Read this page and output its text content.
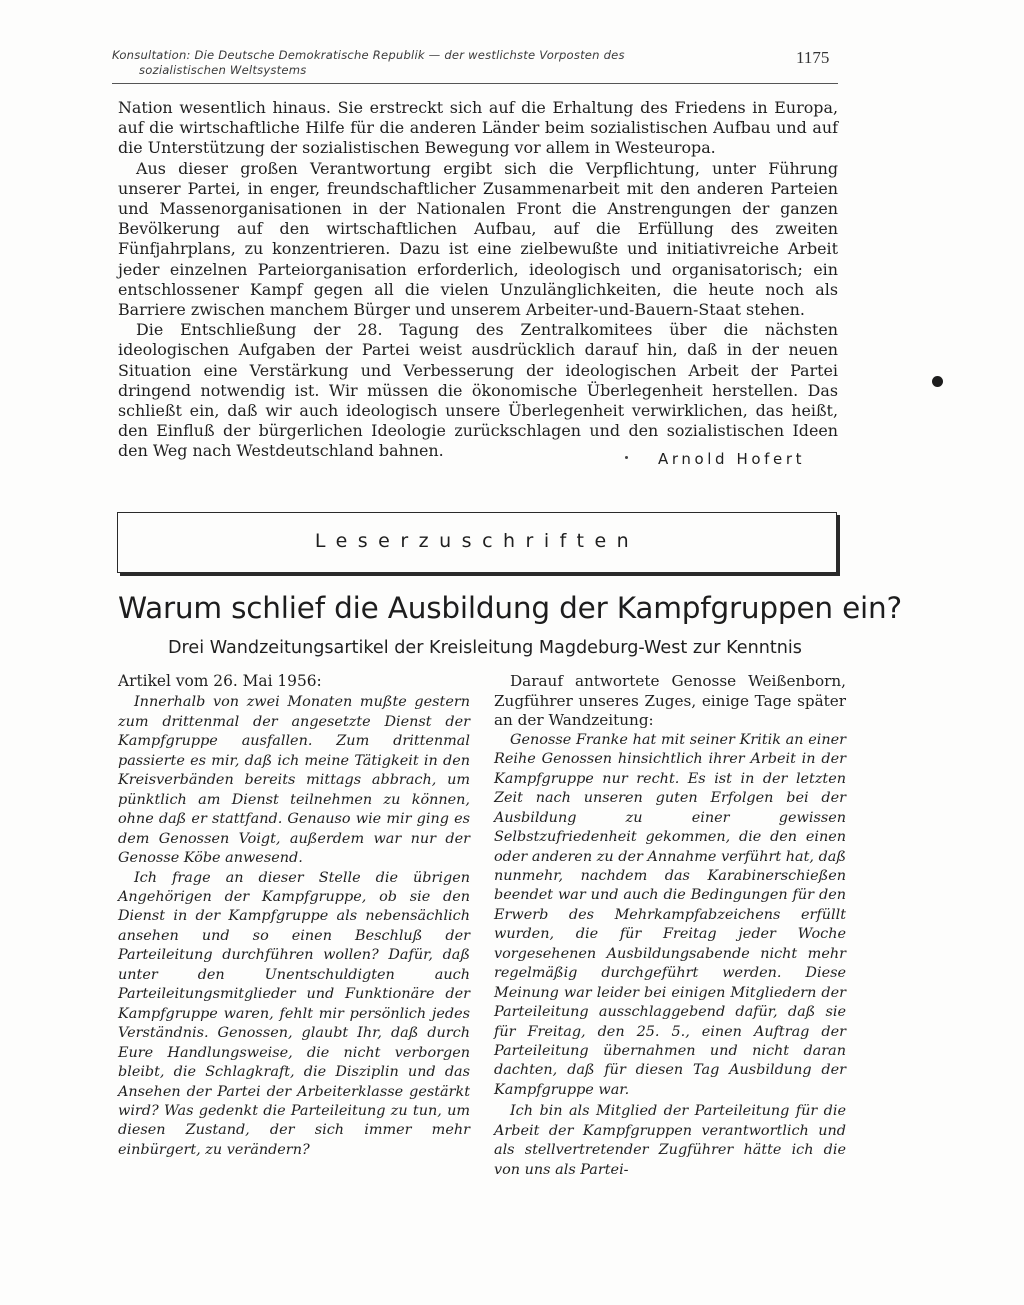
Konsultation: Die Deutsche Demokratische Republik — der westlichste Vorposten des
sozialistischen Weltsystems
1175

Nation wesentlich hinaus. Sie erstreckt sich auf die Erhaltung des Friedens in Europa, auf die wirtschaftliche Hilfe für die anderen Länder beim sozialistischen Aufbau und auf die Unterstützung der sozialistischen Bewegung vor allem in Westeuropa.

Aus dieser großen Verantwortung ergibt sich die Verpflichtung, unter Führung unserer Partei, in enger, freundschaftlicher Zusammenarbeit mit den anderen Parteien und Massenorganisationen in der Nationalen Front die Anstrengungen der ganzen Bevölkerung auf den wirtschaftlichen Aufbau, auf die Erfüllung des zweiten Fünfjahrplans, zu konzentrieren. Dazu ist eine zielbewußte und initiativreiche Arbeit jeder einzelnen Parteiorganisation erforderlich, ideologisch und organisatorisch; ein entschlossener Kampf gegen all die vielen Unzulänglichkeiten, die heute noch als Barriere zwischen manchem Bürger und unserem Arbeiter-und-Bauern-Staat stehen.

Die Entschließung der 28. Tagung des Zentralkomitees über die nächsten ideologischen Aufgaben der Partei weist ausdrücklich darauf hin, daß in der neuen Situation eine Verstärkung und Verbesserung der ideologischen Arbeit der Partei dringend notwendig ist. Wir müssen die ökonomische Überlegenheit herstellen. Das schließt ein, daß wir auch ideologisch unsere Überlegenheit verwirklichen, das heißt, den Einfluß der bürgerlichen Ideologie zurückschlagen und den sozialistischen Ideen den Weg nach Westdeutschland bahnen.	Arnold Hofert
Leserzuschriften
Warum schlief die Ausbildung der Kampfgruppen ein?
Drei Wandzeitungsartikel der Kreisleitung Magdeburg-West zur Kenntnis

Artikel vom 26. Mai 1956:

Innerhalb von zwei Monaten mußte gestern zum drittenmal der angesetzte Dienst der Kampfgruppe ausfallen. Zum drittenmal passierte es mir, daß ich meine Tätigkeit in den Kreisverbänden bereits mittags abbrach, um pünktlich am Dienst teilnehmen zu können, ohne daß er stattfand. Genauso wie mir ging es dem Genossen Voigt, außerdem war nur der Genosse Köbe anwesend.

Ich frage an dieser Stelle die übrigen Angehörigen der Kampfgruppe, ob sie den Dienst in der Kampfgruppe als nebensächlich ansehen und so einen Beschluß der Parteileitung durchführen wollen? Dafür, daß unter den Unentschuldigten auch Parteileitungsmitglieder und Funktionäre der Kampfgruppe waren, fehlt mir persönlich jedes Verständnis. Genossen, glaubt Ihr, daß durch Eure Handlungsweise, die nicht verborgen bleibt, die Schlagkraft, die Disziplin und das Ansehen der Partei der Arbeiterklasse gestärkt wird? Was gedenkt die Parteileitung zu tun, um diesen Zustand, der sich immer mehr einbürgert, zu verändern?

Darauf antwortete Genosse Weißenborn, Zugführer unseres Zuges, einige Tage später an der Wandzeitung:

Genosse Franke hat mit seiner Kritik an einer Reihe Genossen hinsichtlich ihrer Arbeit in der Kampfgruppe nur recht. Es ist in der letzten Zeit nach unseren guten Erfolgen bei der Ausbildung zu einer gewissen Selbstzufriedenheit gekommen, die den einen oder anderen zu der Annahme verführt hat, daß nunmehr, nachdem das Karabinerschießen beendet war und auch die Bedingungen für den Erwerb des Mehrkampfabzeichens erfüllt wurden, die für Freitag jeder Woche vorgesehenen Ausbildungsabende nicht mehr regelmäßig durchgeführt werden. Diese Meinung war leider bei einigen Mitgliedern der Parteileitung ausschlaggebend dafür, daß sie für Freitag, den 25. 5., einen Auftrag der Parteileitung übernahmen und nicht daran dachten, daß für diesen Tag Ausbildung der Kampfgruppe war.

Ich bin als Mitglied der Parteileitung für die Arbeit der Kampfgruppen verantwortlich und als stellvertretender Zugführer hätte ich die von uns als Partei-
